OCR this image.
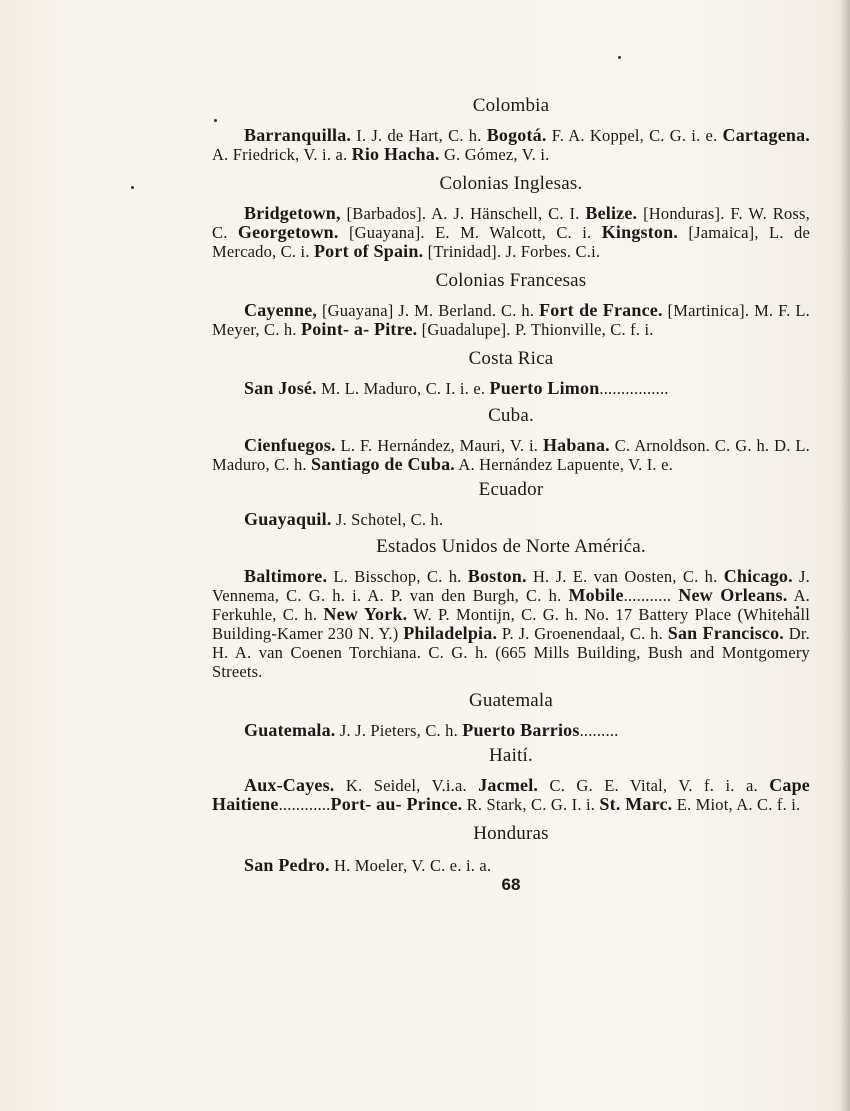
Colombia

Barranquilla. I. J. de Hart, C. h. Bogotá. F. A. Koppel, C. G. i. e. Cartagena. A. Friedrick, V. i. a. Rio Hacha. G. Gómez, V. i.

Colonias Inglesas.

Bridgetown, [Barbados]. A. J. Hänschell, C. I. Belize. [Honduras]. F. W. Ross, C. Georgetown. [Guayana]. E. M. Walcott, C. i. Kingston. [Jamaica], L. de Mercado, C. i. Port of Spain. [Trinidad]. J. Forbes. C.i.

Colonias Francesas

Cayenne, [Guayana] J. M. Berland. C. h. Fort de France. [Martinica]. M. F. L. Meyer, C. h. Point- a- Pitre. [Guadalupe]. P. Thionville, C. f. i.

Costa Rica

San José. M. L. Maduro, C. I. i. e. Puerto Limon................

Cuba.

Cienfuegos. L. F. Hernández, Mauri, V. i. Habana. C. Arnoldson. C. G. h. D. L. Maduro, C. h. Santiago de Cuba. A. Hernández Lapuente, V. I. e.

Ecuador

Guayaquil. J. Schotel, C. h.

Estados Unidos de Norte Amérića.

Baltimore. L. Bisschop, C. h. Boston. H. J. E. van Oosten, C. h. Chicago. J. Vennema, C. G. h. i. A. P. van den Burgh, C. h. Mobile........... New Orleans. A. Ferkuhle, C. h. New York. W. P. Montijn, C. G. h. No. 17 Battery Place (Whitehall Building-Kamer 230 N. Y.) Philadelpia. P. J. Groenendaal, C. h. San Francisco. Dr. H. A. van Coenen Torchiana. C. G. h. (665 Mills Building, Bush and Montgomery Streets.

Guatemala

Guatemala. J. J. Pieters, C. h. Puerto Barrios.........

Haití.

Aux-Cayes. K. Seidel, V.i.a. Jacmel. C. G. E. Vital, V. f. i. a. Cape Haitiene............Port- au- Prince. R. Stark, C. G. I. i. St. Marc. E. Miot, A. C. f. i.

Honduras

San Pedro. H. Moeler, V. C. e. i. a.

68
